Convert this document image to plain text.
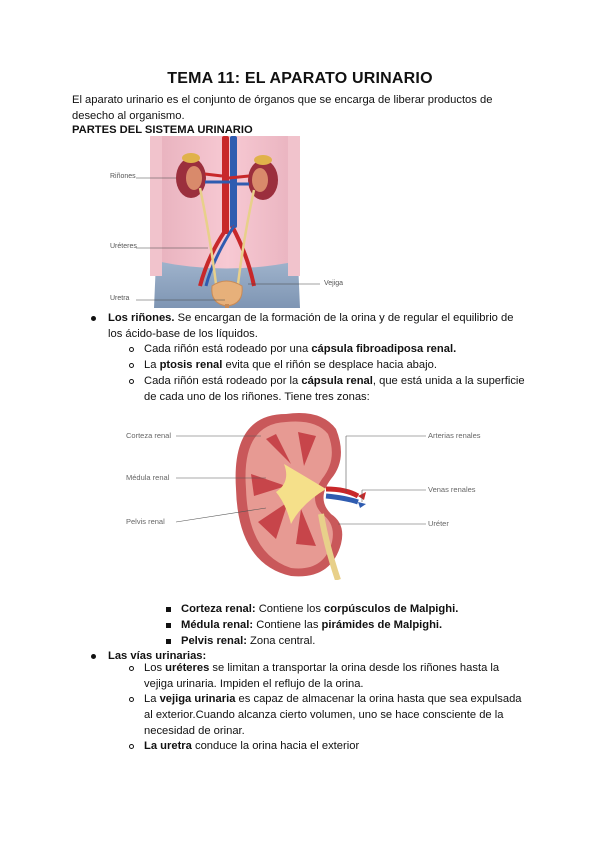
TEMA 11: EL APARATO URINARIO
El aparato urinario es el conjunto de órganos que se encarga de liberar productos de
desecho al organismo.
PARTES DEL SISTEMA URINARIO
Riñones
Uréteres
Vejiga
Uretra
Los riñones. Se encargan de la formación de la orina y de regular el equilibrio de
los ácido-base de los líquidos.
Cada riñón está rodeado por una cápsula fibroadiposa renal.
La ptosis renal evita que el riñón se desplace hacia abajo.
Cada riñón está rodeado por la cápsula renal, que está unida a la superficie
de cada uno de los riñones. Tiene tres zonas:
Corteza renal
Médula renal
Pelvis renal
Arterias renales
Venas renales
Uréter
Corteza renal: Contiene los corpúsculos de Malpighi.
Médula renal: Contiene las pirámides de Malpighi.
Pelvis renal: Zona central.
Las vías urinarias:
Los uréteres se limitan a transportar la orina desde los riñones hasta la
vejiga urinaria. Impiden el reflujo de la orina.
La vejiga urinaria es capaz de almacenar la orina hasta que sea expulsada
al exterior.Cuando alcanza cierto volumen, uno se hace consciente de la
necesidad de orinar.
La uretra conduce la orina hacia el exterior
